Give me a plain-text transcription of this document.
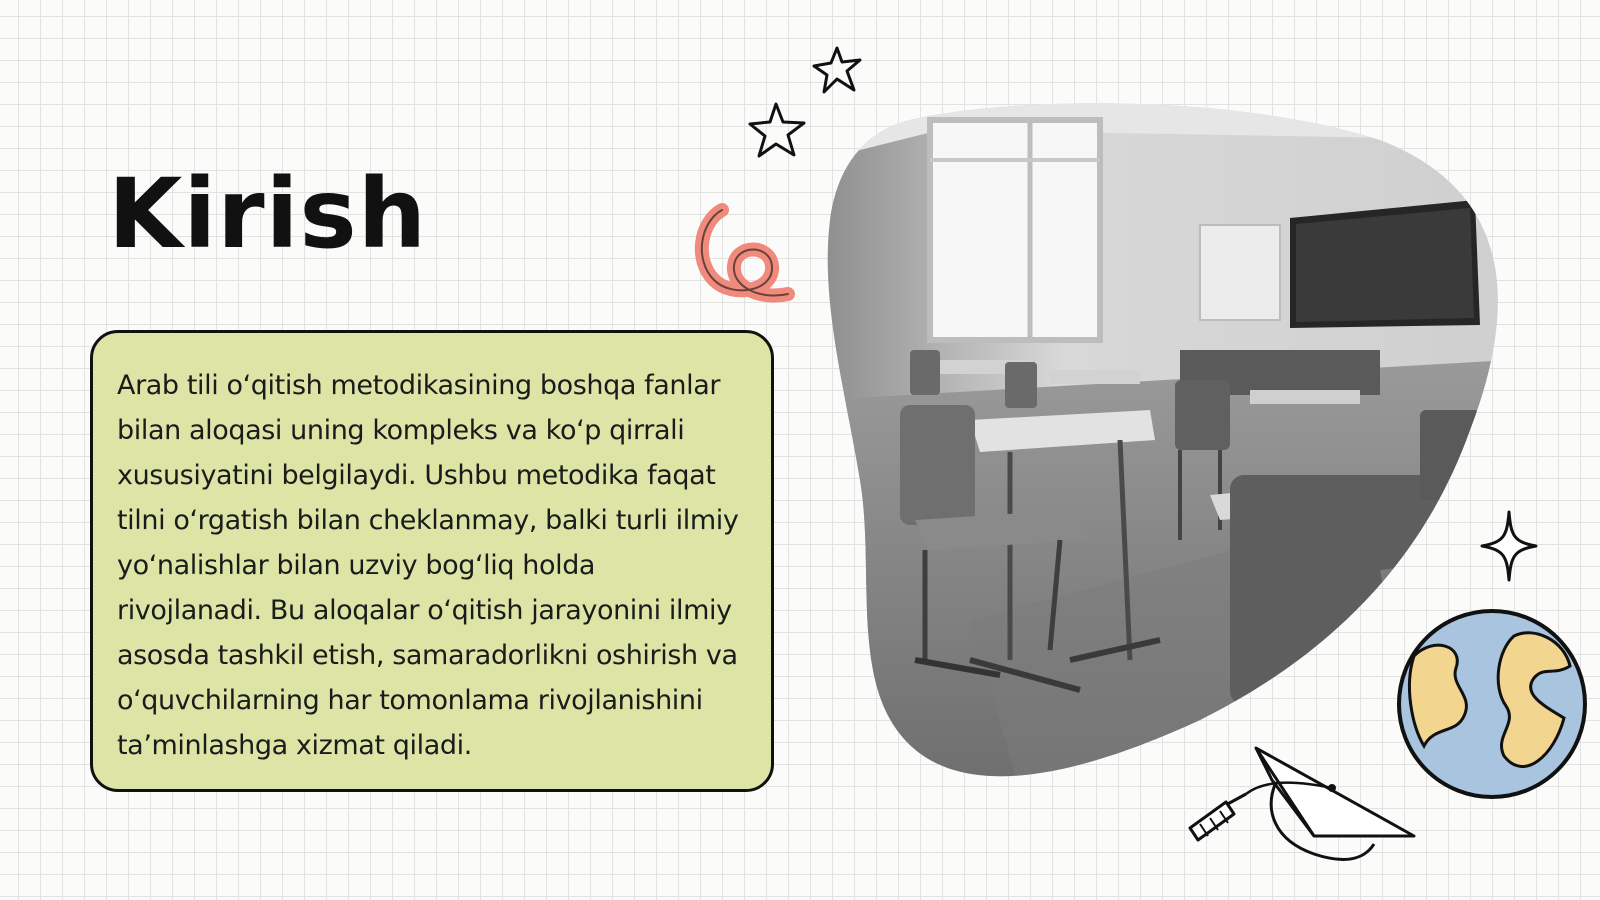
Kirish

Arab tili o‘qitish metodikasining boshqa fanlar bilan aloqasi uning kompleks va ko‘p qirrali xususiyatini belgilaydi. Ushbu metodika faqat tilni o‘rgatish bilan cheklanmay, balki turli ilmiy yo‘nalishlar bilan uzviy bog‘liq holda rivojlanadi. Bu aloqalar o‘qitish jarayonini ilmiy asosda tashkil etish, samaradorlikni oshirish va o‘quvchilarning har tomonlama rivojlanishini ta’minlashga xizmat qiladi.
